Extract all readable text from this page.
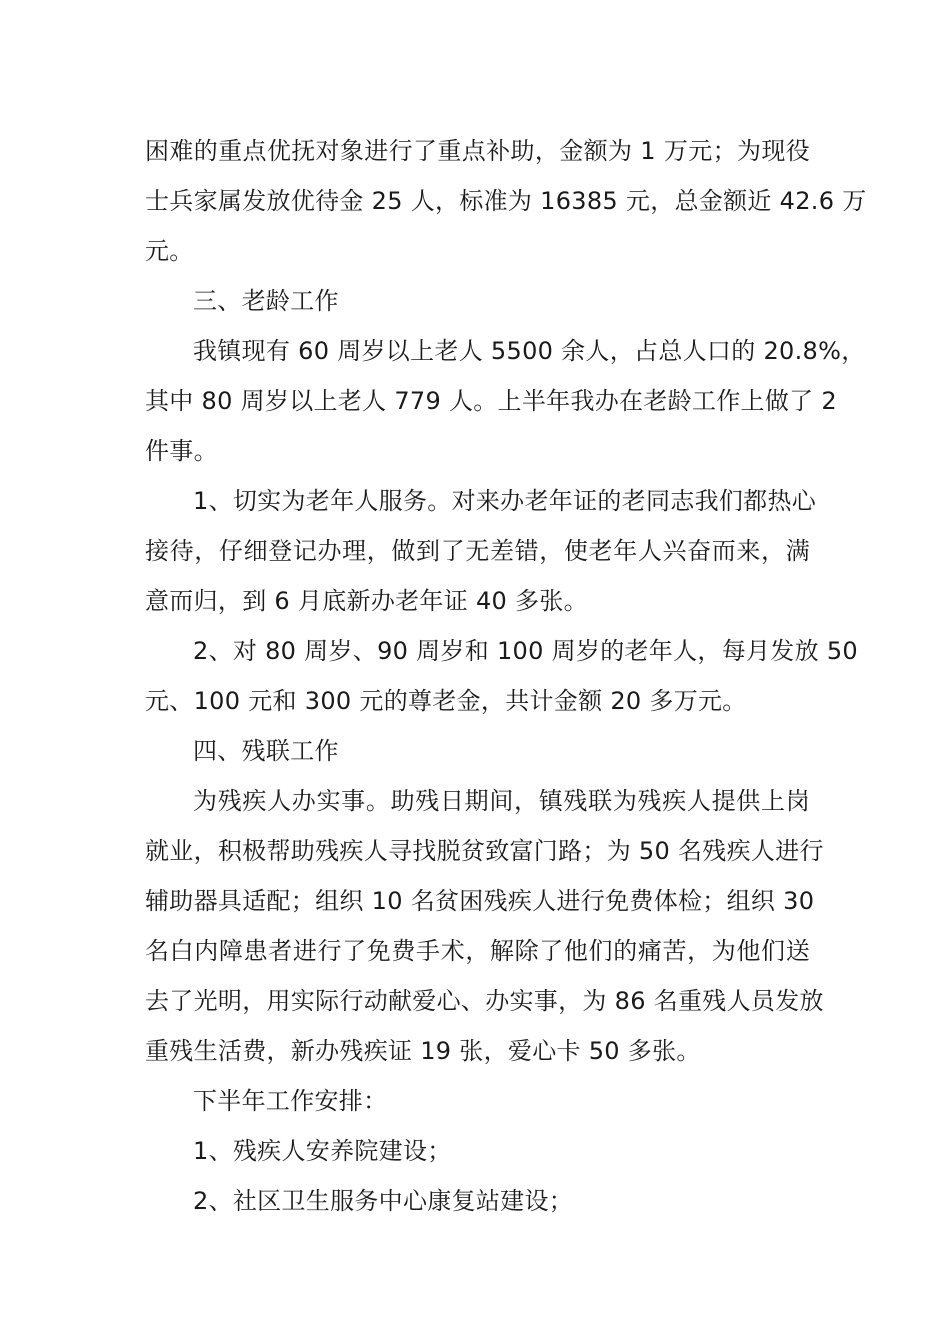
困难的重点优抚对象进行了重点补助，金额为 1 万元；为现役
士兵家属发放优待金 25 人，标准为 16385 元，总金额近 42.6 万
元。
三、老龄工作
我镇现有 60 周岁以上老人 5500 余人，占总人口的 20.8%，
其中 80 周岁以上老人 779 人。上半年我办在老龄工作上做了 2
件事。
1、切实为老年人服务。对来办老年证的老同志我们都热心
接待，仔细登记办理，做到了无差错，使老年人兴奋而来，满
意而归，到 6 月底新办老年证 40 多张。
2、对 80 周岁、90 周岁和 100 周岁的老年人，每月发放 50
元、100 元和 300 元的尊老金，共计金额 20 多万元。
四、残联工作
为残疾人办实事。助残日期间，镇残联为残疾人提供上岗
就业，积极帮助残疾人寻找脱贫致富门路；为 50 名残疾人进行
辅助器具适配；组织 10 名贫困残疾人进行免费体检；组织 30
名白内障患者进行了免费手术，解除了他们的痛苦，为他们送
去了光明，用实际行动献爱心、办实事，为 86 名重残人员发放
重残生活费，新办残疾证 19 张，爱心卡 50 多张。
下半年工作安排：
1、残疾人安养院建设；
2、社区卫生服务中心康复站建设；
